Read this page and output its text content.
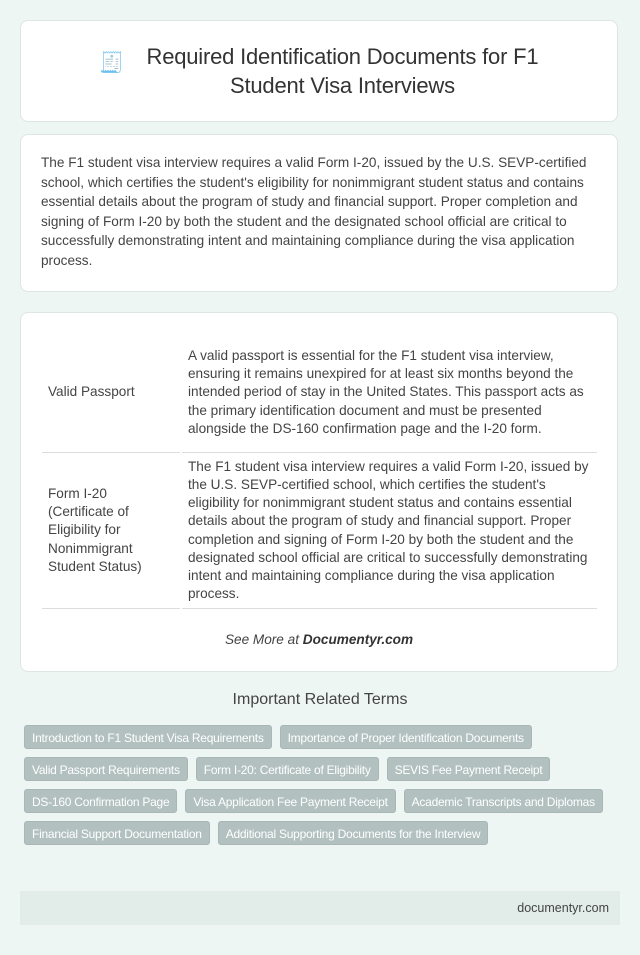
🧾 Required Identification Documents for F1 Student Visa Interviews

The F1 student visa interview requires a valid Form I-20, issued by the U.S. SEVP-certified school, which certifies the student's eligibility for nonimmigrant student status and contains essential details about the program of study and financial support. Proper completion and signing of Form I-20 by both the student and the designated school official are critical to successfully demonstrating intent and maintaining compliance during the visa application process.

Valid Passport	A valid passport is essential for the F1 student visa interview, ensuring it remains unexpired for at least six months beyond the intended period of stay in the United States. This passport acts as the primary identification document and must be presented alongside the DS-160 confirmation page and the I-20 form.
Form I-20 (Certificate of Eligibility for Nonimmigrant Student Status)	The F1 student visa interview requires a valid Form I-20, issued by the U.S. SEVP-certified school, which certifies the student's eligibility for nonimmigrant student status and contains essential details about the program of study and financial support. Proper completion and signing of Form I-20 by both the student and the designated school official are critical to successfully demonstrating intent and maintaining compliance during the visa application process.
See More at Documentyr.com
Important Related Terms
Introduction to F1 Student Visa Requirements	Importance of Proper Identification Documents
Valid Passport Requirements	Form I-20: Certificate of Eligibility	SEVIS Fee Payment Receipt
DS-160 Confirmation Page	Visa Application Fee Payment Receipt	Academic Transcripts and Diplomas
Financial Support Documentation	Additional Supporting Documents for the Interview
documentyr.com
